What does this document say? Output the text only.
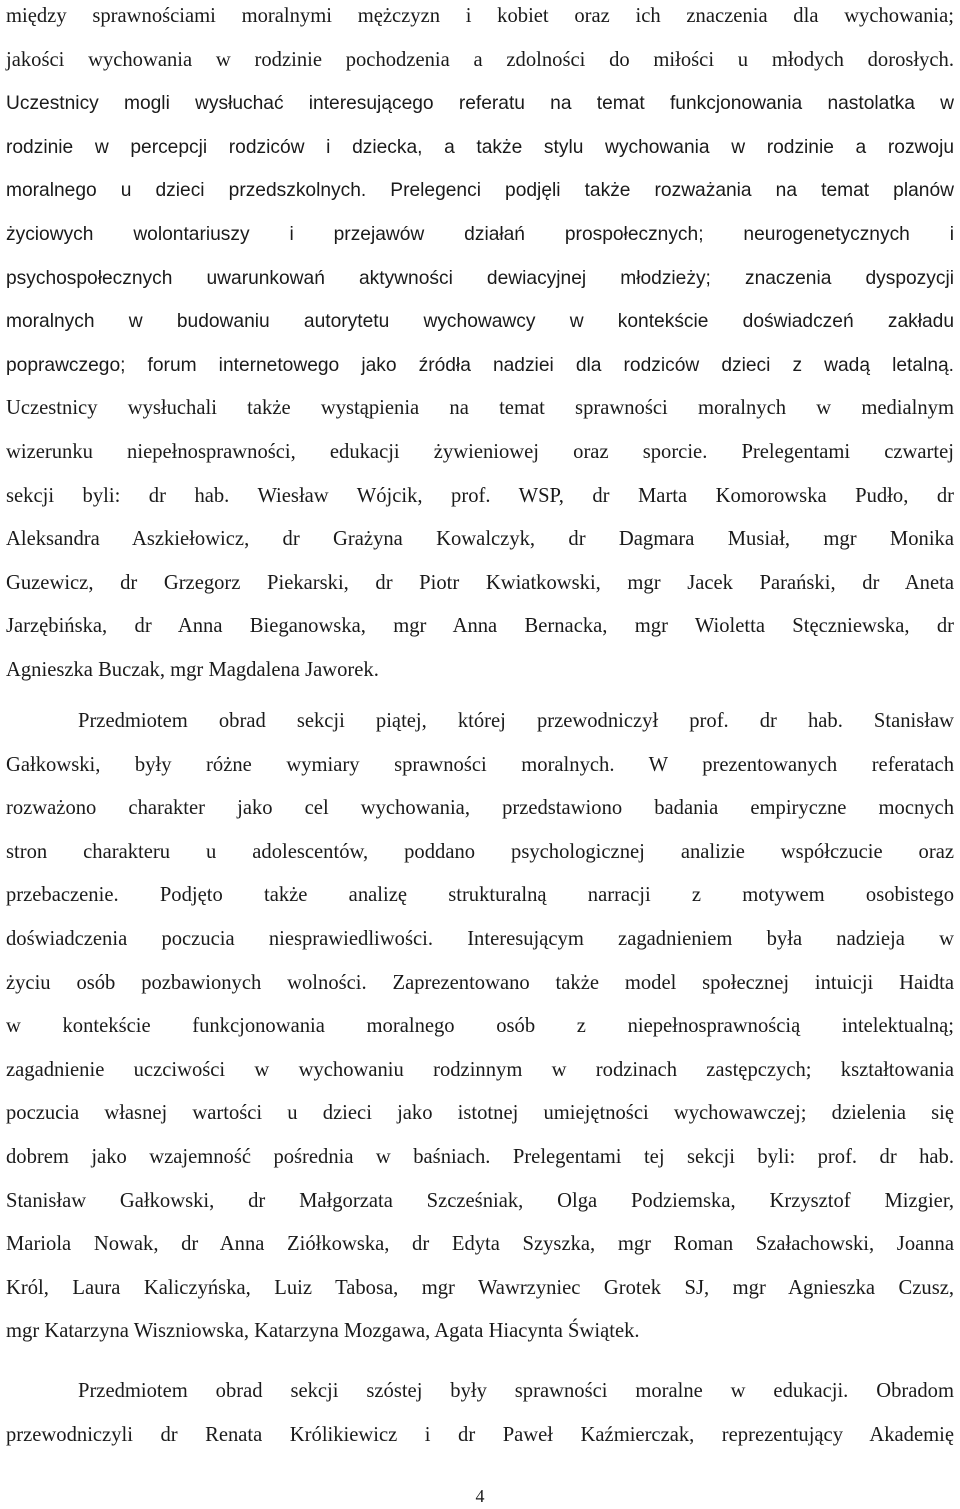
między sprawnościami moralnymi mężczyzn i kobiet oraz ich znaczenia dla wychowania;
jakości wychowania w rodzinie pochodzenia a zdolności do miłości u młodych dorosłych.
Uczestnicy mogli wysłuchać interesującego referatu na temat funkcjonowania nastolatka w
rodzinie w percepcji rodziców i dziecka, a także stylu wychowania w rodzinie a rozwoju
moralnego u dzieci przedszkolnych. Prelegenci podjęli także rozważania na temat planów
życiowych wolontariuszy i przejawów działań prospołecznych; neurogenetycznych i
psychospołecznych uwarunkowań aktywności dewiacyjnej młodzieży; znaczenia dyspozycji
moralnych w budowaniu autorytetu wychowawcy w kontekście doświadczeń zakładu
poprawczego; forum internetowego jako źródła nadziei dla rodziców dzieci z wadą letalną.
Uczestnicy wysłuchali także wystąpienia na temat sprawności moralnych w medialnym
wizerunku niepełnosprawności, edukacji żywieniowej oraz sporcie. Prelegentami czwartej
sekcji byli: dr hab. Wiesław Wójcik, prof. WSP, dr Marta Komorowska Pudło, dr
Aleksandra Aszkiełowicz, dr Grażyna Kowalczyk, dr Dagmara Musiał, mgr Monika
Guzewicz, dr Grzegorz Piekarski, dr Piotr Kwiatkowski, mgr Jacek Parański, dr Aneta
Jarzębińska, dr Anna Bieganowska, mgr Anna Bernacka, mgr Wioletta Stęczniewska, dr
Agnieszka Buczak, mgr Magdalena Jaworek.
Przedmiotem obrad sekcji piątej, której przewodniczył prof. dr hab. Stanisław
Gałkowski, były różne wymiary sprawności moralnych. W prezentowanych referatach
rozważono charakter jako cel wychowania, przedstawiono badania empiryczne mocnych
stron charakteru u adolescentów, poddano psychologicznej analizie współczucie oraz
przebaczenie. Podjęto także analizę strukturalną narracji z motywem osobistego
doświadczenia poczucia niesprawiedliwości. Interesującym zagadnieniem była nadzieja w
życiu osób pozbawionych wolności. Zaprezentowano także model społecznej intuicji Haidta
w kontekście funkcjonowania moralnego osób z niepełnosprawnością intelektualną;
zagadnienie uczciwości w wychowaniu rodzinnym w rodzinach zastępczych; kształtowania
poczucia własnej wartości u dzieci jako istotnej umiejętności wychowawczej; dzielenia się
dobrem jako wzajemność pośrednia w baśniach. Prelegentami tej sekcji byli: prof. dr hab.
Stanisław Gałkowski, dr Małgorzata Szcześniak, Olga Podziemska, Krzysztof Mizgier,
Mariola Nowak, dr Anna Ziółkowska, dr Edyta Szyszka, mgr Roman Szałachowski, Joanna
Król, Laura Kaliczyńska, Luiz Tabosa, mgr Wawrzyniec Grotek SJ, mgr Agnieszka Czusz,
mgr Katarzyna Wiszniowska, Katarzyna Mozgawa, Agata Hiacynta Świątek.
Przedmiotem obrad sekcji szóstej były sprawności moralne w edukacji. Obradom
przewodniczyli dr Renata Królikiewicz i dr Paweł Kaźmierczak, reprezentujący Akademię
4
